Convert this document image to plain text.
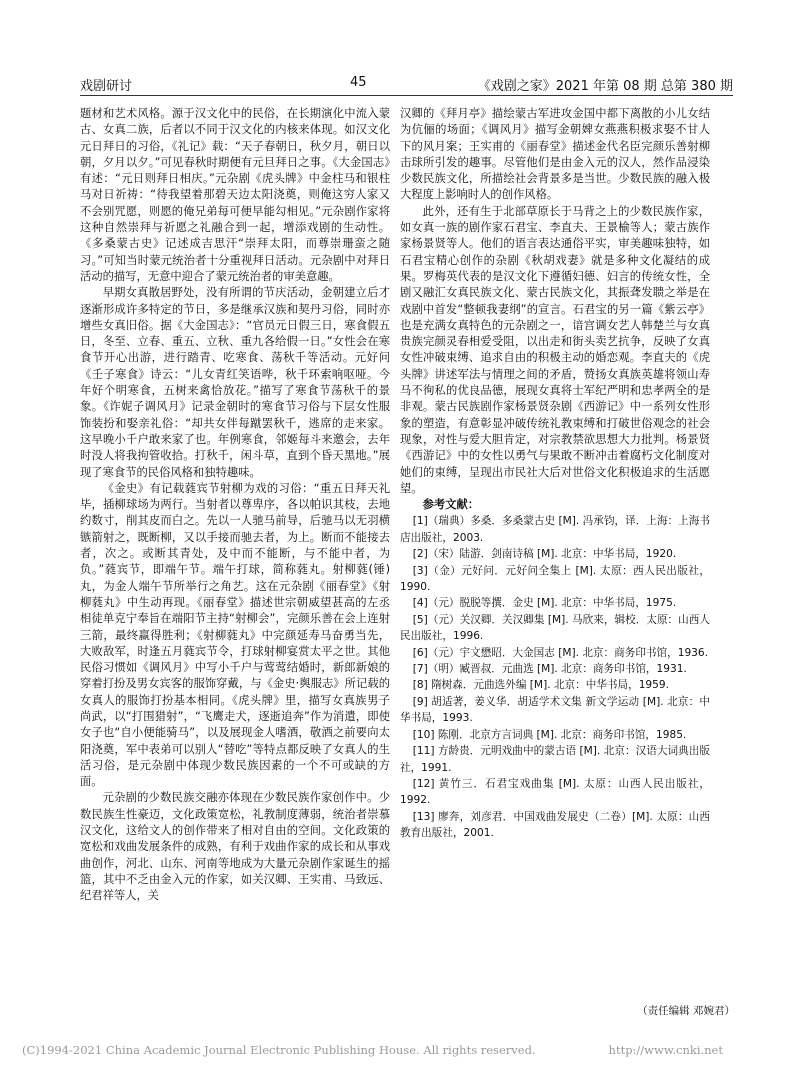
戏剧研讨	45	《戏剧之家》2021 年第 08 期 总第 380 期

题材和艺术风格。源于汉文化中的民俗，在长期演化中流入蒙古、女真二族，后者以不同于汉文化的内核来体现。如汉文化元日拜日的习俗，《礼记》载：“天子春朝日，秋夕月，朝日以朝，夕月以夕。”可见春秋时期便有元旦拜日之事。《大金国志》有述：“元日则拜日相庆。”元杂剧《虎头牌》中金柱马和银柱马对日祈祷：“待我望着那碧天边太阳浇奠，则俺这穷人家又不会别咒愿，则愿的俺兄弟每可便早能勾相见。”元杂剧作家将这种自然崇拜与祈愿之礼融合到一起，增添戏剧的生动性。《多桑蒙古史》记述成吉思汗“崇拜太阳，而尊崇珊蛮之随习。”可知当时蒙元统治者十分重视拜日活动。元杂剧中对拜日活动的描写，无意中迎合了蒙元统治者的审美意趣。

早期女真散居野处，没有所谓的节庆活动，金朝建立后才逐渐形成许多特定的节日，多是继承汉族和契丹习俗，同时亦增些女真旧俗。据《大金国志》：“官员元日假三日，寒食假五日，冬至、立春、重五、立秋、重九各给假一日。”女性会在寒食节开心出游，进行踏青、吃寒食、荡秋千等活动。元好问《壬子寒食》诗云：“儿女青红笑语哗，秋千环索响呕哑。今年好个明寒食，五树来禽恰放花。”描写了寒食节荡秋千的景象。《诈妮子调风月》记录金朝时的寒食节习俗与下层女性服饰装扮和娶亲礼俗：“却共女伴每蹴罢秋千，逃席的走来家。这早晚小千户敢来家了也。年例寒食，邻姬每斗来邀会，去年时没人将我拘管收拾。打秋千，闲斗草，直到个昏天黑地。”展现了寒食节的民俗风格和独特趣味。

《金史》有记载蕤宾节射柳为戏的习俗：“重五日拜天礼毕，插柳球场为两行。当射者以尊卑序，各以帕识其枝，去地约数寸，削其皮而白之。先以一人驰马前导，后驰马以无羽横镞箭射之，既断柳，又以手接而驰去者，为上。断而不能接去者，次之。或断其青处，及中而不能断，与不能中者，为负。”蕤宾节，即端午节。端午打球，简称蕤丸。射柳蕤(锤)丸，为金人端午节所举行之角艺。这在元杂剧《丽春堂》《射柳蕤丸》中生动再现。《丽春堂》描述世宗朝威望甚高的左丞相徒单克宁奉旨在端阳节主持“射柳会”，完颜乐善在会上连射三箭，最终赢得胜利；《射柳蕤丸》中完颜延寿马奋勇当先，大败敌军，时逢五月蕤宾节令，打球射柳宴赏太平之世。其他民俗习惯如《调风月》中写小千户与莺莺结婚时，新郎新娘的穿着打扮及男女宾客的服饰穿戴，与《金史·舆服志》所记载的女真人的服饰打扮基本相同。《虎头牌》里，描写女真族男子尚武，以“打围猎射”，“飞鹰走犬，逐逝追奔”作为消遣，即使女子也“自小便能骑马”，以及展现金人嗜酒，敬酒之前要向太阳浇奠，军中表弟可以别人“替吃”等特点都反映了女真人的生活习俗，是元杂剧中体现少数民族因素的一个不可或缺的方面。

元杂剧的少数民族交融亦体现在少数民族作家创作中。少数民族生性豪迈，文化政策宽松，礼教制度薄弱，统治者崇慕汉文化，这给文人的创作带来了相对自由的空间。文化政策的宽松和戏曲发展条件的成熟，有利于戏曲作家的成长和从事戏曲创作，河北、山东、河南等地成为大量元杂剧作家诞生的摇篮，其中不乏由金入元的作家，如关汉卿、王实甫、马致远、纪君祥等人，关

汉卿的《拜月亭》描绘蒙古军进攻金国中都下离散的小儿女结为伉俪的场面；《调风月》描写金朝婢女燕燕积极求娶不甘人下的风月案；王实甫的《丽春堂》描述金代名臣完颜乐善射柳击球所引发的趣事。尽管他们是由金入元的汉人，然作品浸染少数民族文化，所描绘社会背景多是当世。少数民族的融入极大程度上影响时人的创作风格。

此外，还有生于北部草原长于马背之上的少数民族作家，如女真一族的剧作家石君宝、李直夫、王景榆等人；蒙古族作家杨景贤等人。他们的语言表达通俗平实，审美趣味独特，如石君宝精心创作的杂剧《秋胡戏妻》就是多种文化凝结的成果。罗梅英代表的是汉文化下遵循妇德、妇言的传统女性，全剧又融汇女真民族文化、蒙古民族文化，其振聋发聩之举是在戏剧中首发“整顿我妻纲”的宣言。石君宝的另一篇《紫云亭》也是充满女真特色的元杂剧之一，谙宫调女艺人韩楚兰与女真贵族完颜灵春相爱受阻，以出走和街头卖艺抗争，反映了女真女性冲破束缚、追求自由的积极主动的婚恋观。李直夫的《虎头牌》讲述军法与情理之间的矛盾，赞扬女真族英雄将领山寿马不徇私的优良品德，展现女真将士军纪严明和忠孝两全的是非观。蒙古民族剧作家杨景贤杂剧《西游记》中一系列女性形象的塑造，有意彰显冲破传统礼教束缚和打破世俗观念的社会现象，对性与爱大胆肯定，对宗教禁欲思想大力批判。杨景贤《西游记》中的女性以勇气与果敢不断冲击着腐朽文化制度对她们的束缚，呈现出市民社大后对世俗文化积极追求的生活愿望。

参考文献：

[1]（瑞典）多桑．多桑蒙古史 [M]. 冯承钧，译．上海：上海书店出版社，2003.

[2]（宋）陆游．剑南诗稿 [M]. 北京：中华书局，1920.

[3]（金）元好问．元好问全集上 [M]. 太原：西人民出版社，1990.

[4]（元）脱脱等撰．金史 [M]. 北京：中华书局，1975.

[5]（元）关汉卿．关汉卿集 [M]. 马欣来，辑校．太原：山西人民出版社，1996.

[6]（元）宇文懋昭．大金国志 [M]. 北京：商务印书馆，1936.

[7]（明）臧晋叔．元曲选 [M]. 北京：商务印书馆，1931.

[8] 隋树森．元曲选外编 [M]. 北京：中华书局，1959.

[9] 胡适著，姜义华．胡适学术文集 新文学运动 [M]. 北京：中华书局，1993.

[10] 陈刚．北京方言词典 [M]. 北京：商务印书馆，1985.

[11] 方龄贵．元明戏曲中的蒙古语 [M]. 北京：汉语大词典出版社，1991.

[12] 黄竹三．石君宝戏曲集 [M]. 太原：山西人民出版社，1992.

[13] 廖奔，刘彦君．中国戏曲发展史（二卷）[M]. 太原：山西教育出版社，2001.

（责任编辑 邓婉君）
(C)1994-2021 China Academic Journal Electronic Publishing House. All rights reserved.	http://www.cnki.net
